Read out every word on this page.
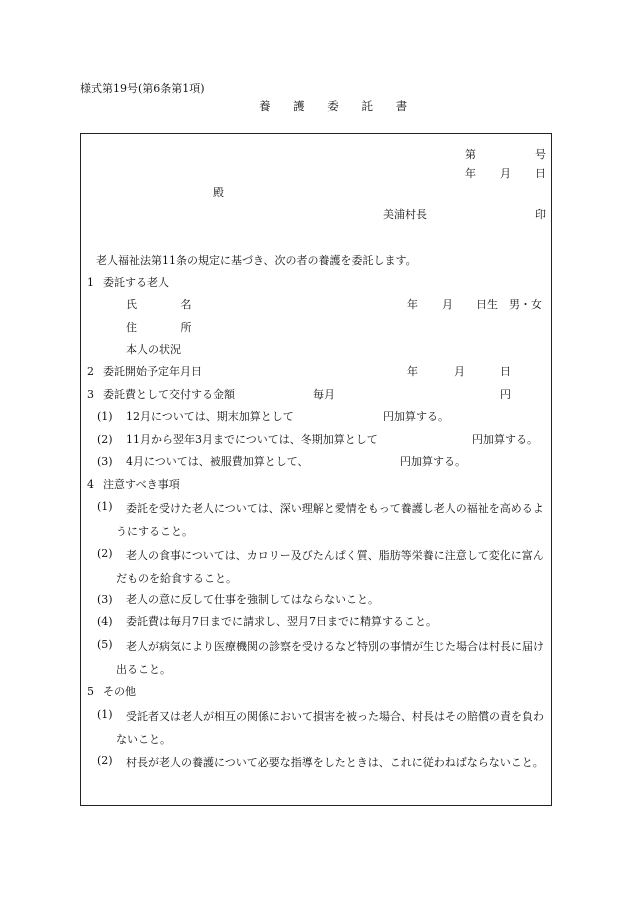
様式第19号(第6条第1項)
養 護 委 託 書
第	号
年 月 日
殿
美浦村長	印
老人福祉法第11条の規定に基づき、次の者の養護を委託します。
1 委託する老人
氏 名	年 月 日生 男・女
住 所
本人の状況
2 委託開始予定年月日	年	月	日
3 委託費として交付する金額	毎月	円
(1) 12月については、期末加算として	円加算する。
(2) 11月から翌年3月までについては、冬期加算として	円加算する。
(3) 4月については、被服費加算として、	円加算する。
4 注意すべき事項
(1)	委託を受けた老人については、深い理解と愛情をもって養護し老人の福祉を高めるようにすること。
(2)	老人の食事については、カロリー及びたんぱく質、脂肪等栄養に注意して変化に富んだものを給食すること。
(3) 老人の意に反して仕事を強制してはならないこと。
(4) 委託費は毎月7日までに請求し、翌月7日までに精算すること。
(5)	老人が病気により医療機関の診察を受けるなど特別の事情が生じた場合は村長に届け出ること。
5 その他
(1)	受託者又は老人が相互の関係において損害を被った場合、村長はその賠償の責を負わないこと。
(2)	村長が老人の養護について必要な指導をしたときは、これに従わねばならないこと。
